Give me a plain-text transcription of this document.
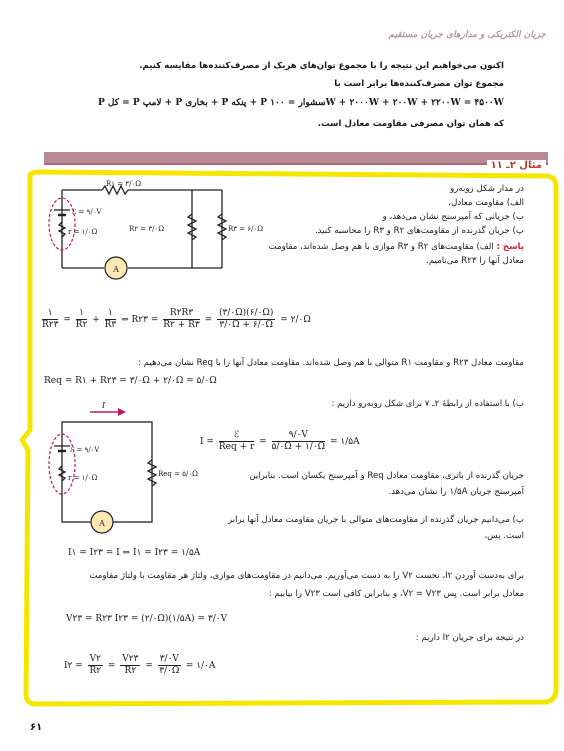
جریان الکتریکی و مدارهای جریان مستقیم
اکنون می‌خواهیم این نتیجه را با مجموع توان‌های هریک از مصرف‌کننده‌ها مقایسه کنیم.
مجموع توان مصرف‌کننده‌ها برابر است با
P کل = P لامپ + P بخاری + P پنکه + P سشوار = ۱۰۰W + ۲۰۰۰W + ۲۰۰W + ۲۲۰۰W = ۴۵۰۰W
که همان توان مصرفی مقاومت معادل است.
مثال ۲ـ ۱۱
A
R۱ = ۳/۰Ω
ℰ = ۹/۰V
r = ۱/۰Ω	R۲ = ۳/۰Ω	R۳ = ۶/۰Ω
در مدار شکل روبه‌رو
الف) مقاومت معادل،
ب) جریانی که آمپرسنج نشان می‌دهد، و
پ) جریان گذرنده از مقاومت‌های R۲ و R۳ را محاسبه کنید.
پاسخ : الف) مقاومت‌های R۲ و R۳ موازی با هم وصل شده‌اند، مقاومت
معادل آنها را R۲۳ می‌نامیم.
$\frac{۱}{R۲۳} = \frac{۱}{R۲} + \frac{۱}{R۳}$ ⇒ R۲۳ = $\frac{R۲R۳}{R۲ + R۳} = \frac{(۳/۰\Omega)(۶/۰\Omega)}{۳/۰\Omega + ۶/۰\Omega}$ = ۲/۰Ω
مقاومت معادل R۲۳ و مقاومت R۱ متوالی با هم وصل شده‌اند. مقاومت معادل آنها را با Req نشان می‌دهیم :
Req = R۱ + R۲۳ = ۳/۰Ω + ۲/۰Ω = ۵/۰Ω
ب) با استفاده از رابطهٔ ۲ـ ۷ برای شکل روبه‌رو داریم :
I
A
ℰ = ۹/۰V
r = ۱/۰Ω	Req = ۵/۰Ω
$I = \frac{\text{ℰ}}{\text{Req + r}} = \frac{۹/۰V}{۵/۰\Omega + ۱/۰\Omega}$ = ۱/۵A
جریان گذرنده از باتری، مقاومت معادل Req و آمپرسنج یکسان است. بنابراین
آمپرسنج جریان ۱/۵A را نشان می‌دهد.
پ) می‌دانیم جریان گذرنده از مقاومت‌های متوالی با جریان مقاومت معادل آنها برابر
است. پس،
I۱ = I۲۳ = I ⇒ I۱ = I۲۳ = ۱/۵A
برای به‌دست آوردن I۲، نخست V۲ را به دست می‌آوریم. می‌دانیم در مقاومت‌های موازی، ولتاژ هر مقاومت با ولتاژ مقاومت
معادل برابر است. پس V۲ = V۲۳، و بنابراین کافی است V۲۳ را بیابیم :
V۲۳ = R۲۳ I۲۳ = (۲/۰Ω)(۱/۵A) = ۳/۰V
در نتیجه برای جریان I۲ داریم :
I۲ = $\frac{V۲}{R۲} = \frac{V۲۳}{R۲} = \frac{۳/۰V}{۳/۰\Omega}$ = ۱/۰A
۶۱
